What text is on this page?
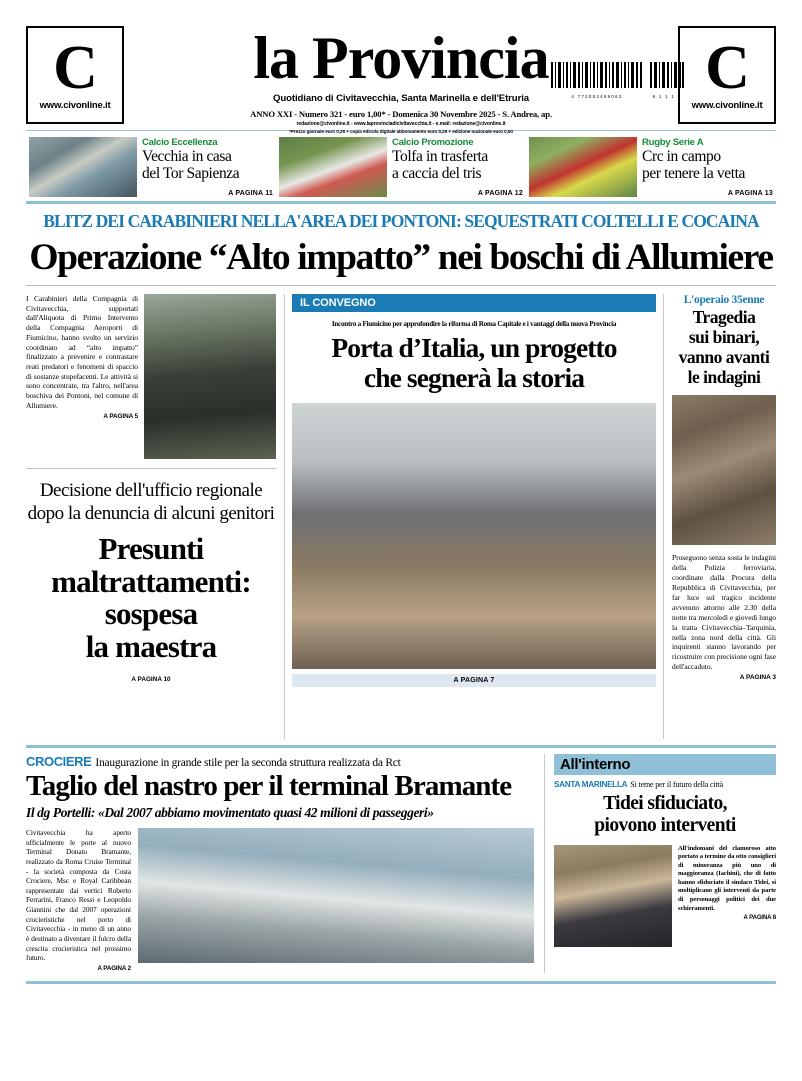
C
www.civonline.it
la Provincia
Quotidiano di Civitavecchia, Santa Marinella e dell'Etruria
ANNO XXI - Numero 321 - euro 1,00* - Domenica 30 Novembre 2025 - S. Andrea, ap.
redazione@civonline.it - www.laprovinciadicivitavecchia.it - e.mail: redazione@civonline.it
*Prezzo giornale euro 0,25 + copia edicola digitale abbonamento euro 0,25 + edizione nazionale euro 0,50
4 772052499062	6 1 1 1 9 C
www.civonline.it
Calcio Eccellenza
Vecchia in casa
del Tor Sapienza
A PAGINA 11
Calcio Promozione
Tolfa in trasferta
a caccia del tris
A PAGINA 12
Rugby Serie A
Crc in campo
per tenere la vetta
A PAGINA 13
BLITZ DEI CARABINIERI NELLA'AREA DEI PONTONI: SEQUESTRATI COLTELLI E COCAINA
Operazione “Alto impatto” nei boschi di Allumiere
I Carabinieri della Compagnia di Civitavecchia, supportati dall'Aliquota di Primo Intervento della Compagnia Aeroporti di Fiumicino, hanno svolto un servizio coordinato ad “alto impatto” finalizzato a prevenire e contrastare reati predatori e fenomeni di spaccio di sostanze stupefacenti. Le attività si sono concentrate, tra l'altro, nell'area boschiva dei Pontoni, nel comune di Allumiere.
A PAGINA 5
Decisione dell'ufficio regionale
dopo la denuncia di alcuni genitori
Presunti
maltrattamenti:
sospesa
la maestra
A PAGINA 10
IL CONVEGNO
Incontro a Fiumicino per approfondire la riforma di Roma Capitale e i vantaggi della nuova Provincia
Porta d’Italia, un progetto
che segnerà la storia
A PAGINA 7
L'operaio 35enne
Tragedia
sui binari,
vanno avanti
le indagini
Proseguono senza sosta le indagini della Polizia ferroviaria, coordinate dalla Procura della Repubblica di Civitavecchia, per far luce sul tragico incidente avvenuto attorno alle 2.30 della notte tra mercoledì e giovedì lungo la tratta Civitavecchia–Tarquinia, nella zona nord della città. Gli inquirenti stanno lavorando per ricostruire con precisione ogni fase dell'accaduto.
A PAGINA 3
CROCIERE Inaugurazione in grande stile per la seconda struttura realizzata da Rct
Taglio del nastro per il terminal Bramante
Il dg Portelli: «Dal 2007 abbiamo movimentato quasi 42 milioni di passeggeri»
Civitavecchia ha aperto ufficialmente le porte al nuovo Terminal Donato Bramante, realizzato da Roma Cruise Terminal - la società composta da Costa Crociere, Msc e Royal Caribbean rappresentate dai vertici Roberto Ferrarini, Franco Ressi e Leopoldo Giannini che dal 2007 operazioni crocieristiche nel porto di Civitavecchia - in meno di un anno è destinato a diventare il fulcro della crescita crocieristica nel prossimo futuro.
A PAGINA 2
All'interno
SANTA MARINELLA Si teme per il futuro della città
Tidei sfiduciato,
piovono interventi
All'indomani del clamoroso atto portato a termine da otto consiglieri di minoranza più uno di maggioranza (Iachini), che di fatto hanno sfiduciato il sindaco Tidei, si moltiplicano gli interventi da parte di personaggi politici dei due schieramenti.
A PAGINA 8
